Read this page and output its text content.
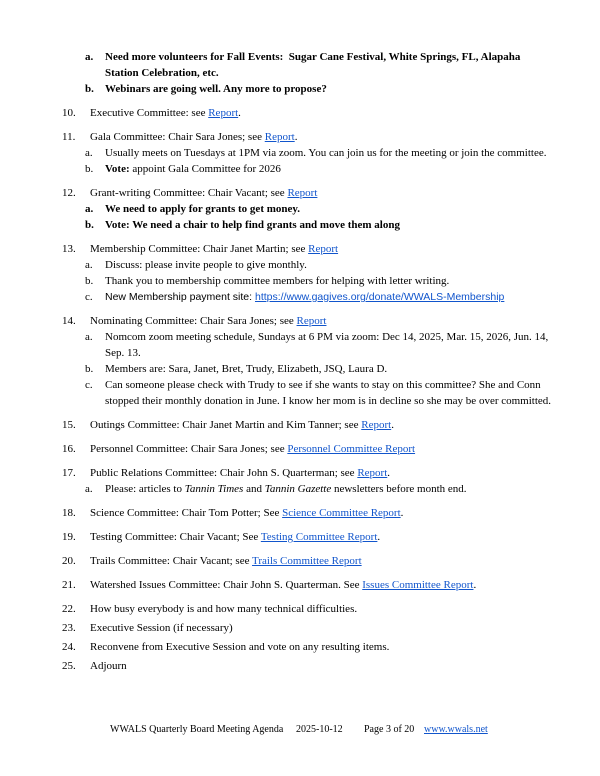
a.	Need more volunteers for Fall Events:  Sugar Cane Festival, White Springs, FL, Alapaha Station Celebration, etc.
b.	Webinars are going well. Any more to propose?
10.	Executive Committee: see Report.
11.	Gala Committee: Chair Sara Jones; see Report.
a.	Usually meets on Tuesdays at 1PM via zoom. You can join us for the meeting or join the committee.
b.	Vote: appoint Gala Committee for 2026
12.	Grant-writing Committee: Chair Vacant; see Report
a.	We need to apply for grants to get money.
b.	Vote: We need a chair to help find grants and move them along
13.	Membership Committee: Chair Janet Martin; see Report
a.	Discuss: please invite people to give monthly.
b.	Thank you to membership committee members for helping with letter writing.
c.	New Membership payment site: https://www.gagives.org/donate/WWALS-Membership
14.	Nominating Committee: Chair Sara Jones; see Report
a.	Nomcom zoom meeting schedule, Sundays at 6 PM via zoom: Dec 14, 2025, Mar. 15, 2026, Jun. 14, Sep. 13.
b.	Members are: Sara, Janet, Bret, Trudy, Elizabeth, JSQ, Laura D.
c.	Can someone please check with Trudy to see if she wants to stay on this committee? She and Conn stopped their monthly donation in June. I know her mom is in decline so she may be over committed.
15.	Outings Committee: Chair Janet Martin and Kim Tanner; see Report.
16.	Personnel Committee: Chair Sara Jones; see Personnel Committee Report
17.	Public Relations Committee: Chair John S. Quarterman; see Report.
a.	Please: articles to Tannin Times and Tannin Gazette newsletters before month end.
18.	Science Committee: Chair Tom Potter; See Science Committee Report.
19.	Testing Committee: Chair Vacant; See Testing Committee Report.
20.	Trails Committee: Chair Vacant; see Trails Committee Report
21.	Watershed Issues Committee: Chair John S. Quarterman. See Issues Committee Report.
22.	How busy everybody is and how many technical difficulties.
23.	Executive Session (if necessary)
24.	Reconvene from Executive Session and vote on any resulting items.
25.	Adjourn
WWALS Quarterly Board Meeting Agenda 2025-10-12 Page 3 of 20 www.wwals.net
